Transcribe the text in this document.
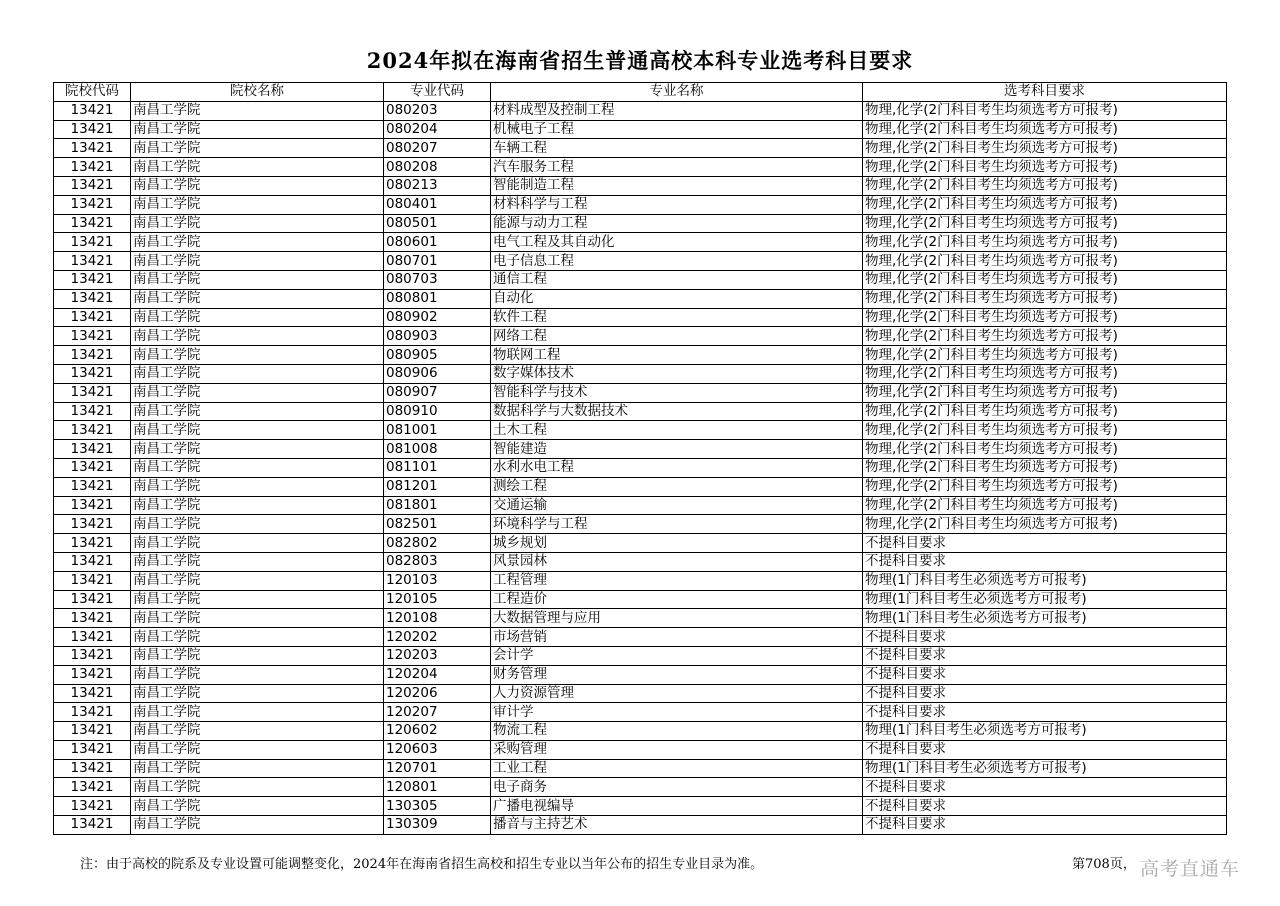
2024年拟在海南省招生普通高校本科专业选考科目要求
院校代码	院校名称	专业代码	专业名称	选考科目要求
13421	南昌工学院	080203	材料成型及控制工程	物理,化学(2门科目考生均须选考方可报考)
13421	南昌工学院	080204	机械电子工程	物理,化学(2门科目考生均须选考方可报考)
13421	南昌工学院	080207	车辆工程	物理,化学(2门科目考生均须选考方可报考)
13421	南昌工学院	080208	汽车服务工程	物理,化学(2门科目考生均须选考方可报考)
13421	南昌工学院	080213	智能制造工程	物理,化学(2门科目考生均须选考方可报考)
13421	南昌工学院	080401	材料科学与工程	物理,化学(2门科目考生均须选考方可报考)
13421	南昌工学院	080501	能源与动力工程	物理,化学(2门科目考生均须选考方可报考)
13421	南昌工学院	080601	电气工程及其自动化	物理,化学(2门科目考生均须选考方可报考)
13421	南昌工学院	080701	电子信息工程	物理,化学(2门科目考生均须选考方可报考)
13421	南昌工学院	080703	通信工程	物理,化学(2门科目考生均须选考方可报考)
13421	南昌工学院	080801	自动化	物理,化学(2门科目考生均须选考方可报考)
13421	南昌工学院	080902	软件工程	物理,化学(2门科目考生均须选考方可报考)
13421	南昌工学院	080903	网络工程	物理,化学(2门科目考生均须选考方可报考)
13421	南昌工学院	080905	物联网工程	物理,化学(2门科目考生均须选考方可报考)
13421	南昌工学院	080906	数字媒体技术	物理,化学(2门科目考生均须选考方可报考)
13421	南昌工学院	080907	智能科学与技术	物理,化学(2门科目考生均须选考方可报考)
13421	南昌工学院	080910	数据科学与大数据技术	物理,化学(2门科目考生均须选考方可报考)
13421	南昌工学院	081001	土木工程	物理,化学(2门科目考生均须选考方可报考)
13421	南昌工学院	081008	智能建造	物理,化学(2门科目考生均须选考方可报考)
13421	南昌工学院	081101	水利水电工程	物理,化学(2门科目考生均须选考方可报考)
13421	南昌工学院	081201	测绘工程	物理,化学(2门科目考生均须选考方可报考)
13421	南昌工学院	081801	交通运输	物理,化学(2门科目考生均须选考方可报考)
13421	南昌工学院	082501	环境科学与工程	物理,化学(2门科目考生均须选考方可报考)
13421	南昌工学院	082802	城乡规划	不提科目要求
13421	南昌工学院	082803	风景园林	不提科目要求
13421	南昌工学院	120103	工程管理	物理(1门科目考生必须选考方可报考)
13421	南昌工学院	120105	工程造价	物理(1门科目考生必须选考方可报考)
13421	南昌工学院	120108	大数据管理与应用	物理(1门科目考生必须选考方可报考)
13421	南昌工学院	120202	市场营销	不提科目要求
13421	南昌工学院	120203	会计学	不提科目要求
13421	南昌工学院	120204	财务管理	不提科目要求
13421	南昌工学院	120206	人力资源管理	不提科目要求
13421	南昌工学院	120207	审计学	不提科目要求
13421	南昌工学院	120602	物流工程	物理(1门科目考生必须选考方可报考)
13421	南昌工学院	120603	采购管理	不提科目要求
13421	南昌工学院	120701	工业工程	物理(1门科目考生必须选考方可报考)
13421	南昌工学院	120801	电子商务	不提科目要求
13421	南昌工学院	130305	广播电视编导	不提科目要求
13421	南昌工学院	130309	播音与主持艺术	不提科目要求
注：由于高校的院系及专业设置可能调整变化，2024年在海南省招生高校和招生专业以当年公布的招生专业目录为准。	第708页， 高考直通车
